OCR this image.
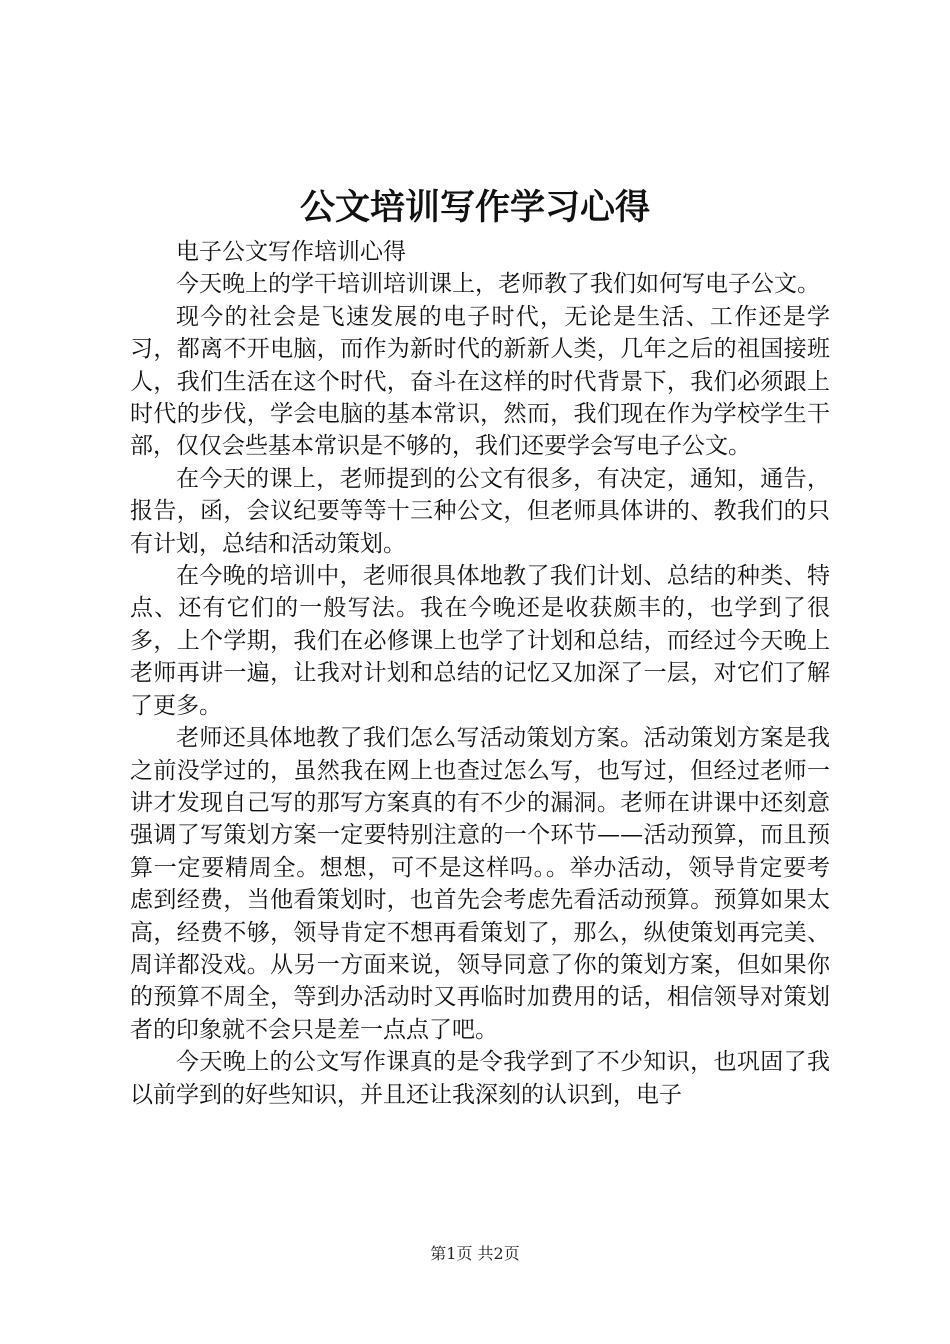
公文培训写作学习心得

电子公文写作培训心得

今天晚上的学干培训培训课上，老师教了我们如何写电子公文。

现今的社会是飞速发展的电子时代，无论是生活、工作还是学习，都离不开电脑，而作为新时代的新新人类，几年之后的祖国接班人，我们生活在这个时代，奋斗在这样的时代背景下，我们必须跟上时代的步伐，学会电脑的基本常识，然而，我们现在作为学校学生干部，仅仅会些基本常识是不够的，我们还要学会写电子公文。

在今天的课上，老师提到的公文有很多，有决定，通知，通告，报告，函，会议纪要等等十三种公文，但老师具体讲的、教我们的只有计划，总结和活动策划。

在今晚的培训中，老师很具体地教了我们计划、总结的种类、特点、还有它们的一般写法。我在今晚还是收获颇丰的，也学到了很多，上个学期，我们在必修课上也学了计划和总结，而经过今天晚上老师再讲一遍，让我对计划和总结的记忆又加深了一层，对它们了解了更多。

老师还具体地教了我们怎么写活动策划方案。活动策划方案是我之前没学过的，虽然我在网上也查过怎么写，也写过，但经过老师一讲才发现自己写的那写方案真的有不少的漏洞。老师在讲课中还刻意强调了写策划方案一定要特别注意的一个环节——活动预算，而且预算一定要精周全。想想，可不是这样吗。。举办活动，领导肯定要考虑到经费，当他看策划时，也首先会考虑先看活动预算。预算如果太高，经费不够，领导肯定不想再看策划了，那么，纵使策划再完美、周详都没戏。从另一方面来说，领导同意了你的策划方案，但如果你的预算不周全，等到办活动时又再临时加费用的话，相信领导对策划者的印象就不会只是差一点点了吧。

今天晚上的公文写作课真的是令我学到了不少知识，也巩固了我以前学到的好些知识，并且还让我深刻的认识到，电子

第1页 共2页
